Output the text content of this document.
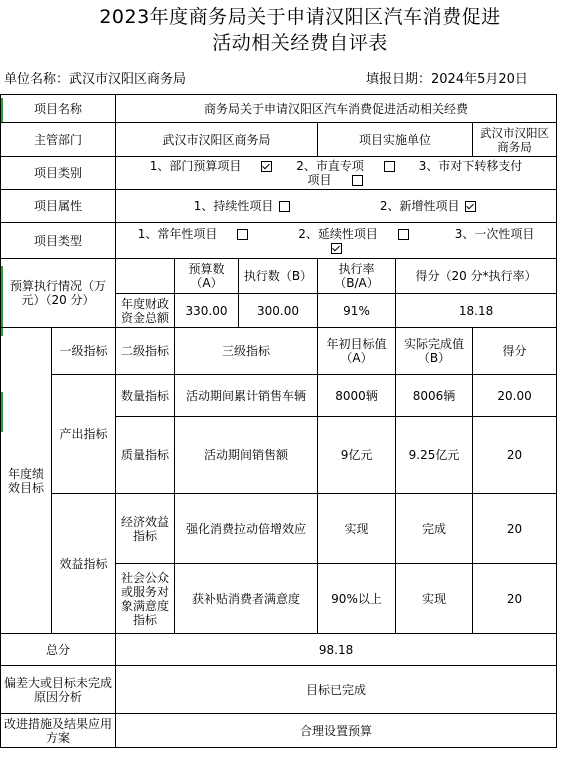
2023年度商务局关于申请汉阳区汽车消费促进
活动相关经费自评表
单位名称：武汉市汉阳区商务局	填报日期：2024年5月20日
项目名称		商务局关于申请汉阳区汽车消费促进活动相关经费					
主管部门		武汉市汉阳区商务局			项目实施单位		武汉市汉阳区商务局
项目类别		1、部门预算项目 2、市直专项 3、市对下转移支付
项目					
项目属性		1、持续性项目 2、新增性项目					
项目类型		1、常年性项目 2、延续性项目 3、一次性项目					

预算执行情况（万元）（20 分）			预算数（A）	执行数（B）	执行率（B/A）	得分（20 分*执行率）	
		年度财政资金总额	330.00	300.00	91%	18.18	
年度绩效目标	一级指标	二级指标	三级指标		年初目标值（A）	实际完成值（B）	得分
	产出指标	数量指标	活动期间累计销售车辆		8000辆	8006辆	20.00
		质量指标	活动期间销售额		9亿元	9.25亿元	20
	效益指标	经济效益指标	强化消费拉动倍增效应		实现	完成	20
		社会公众或服务对象满意度指标	获补贴消费者满意度		90%以上	实现	20
总分		98.18					
偏差大或目标未完成原因分析		目标已完成					
改进措施及结果应用方案		合理设置预算					
